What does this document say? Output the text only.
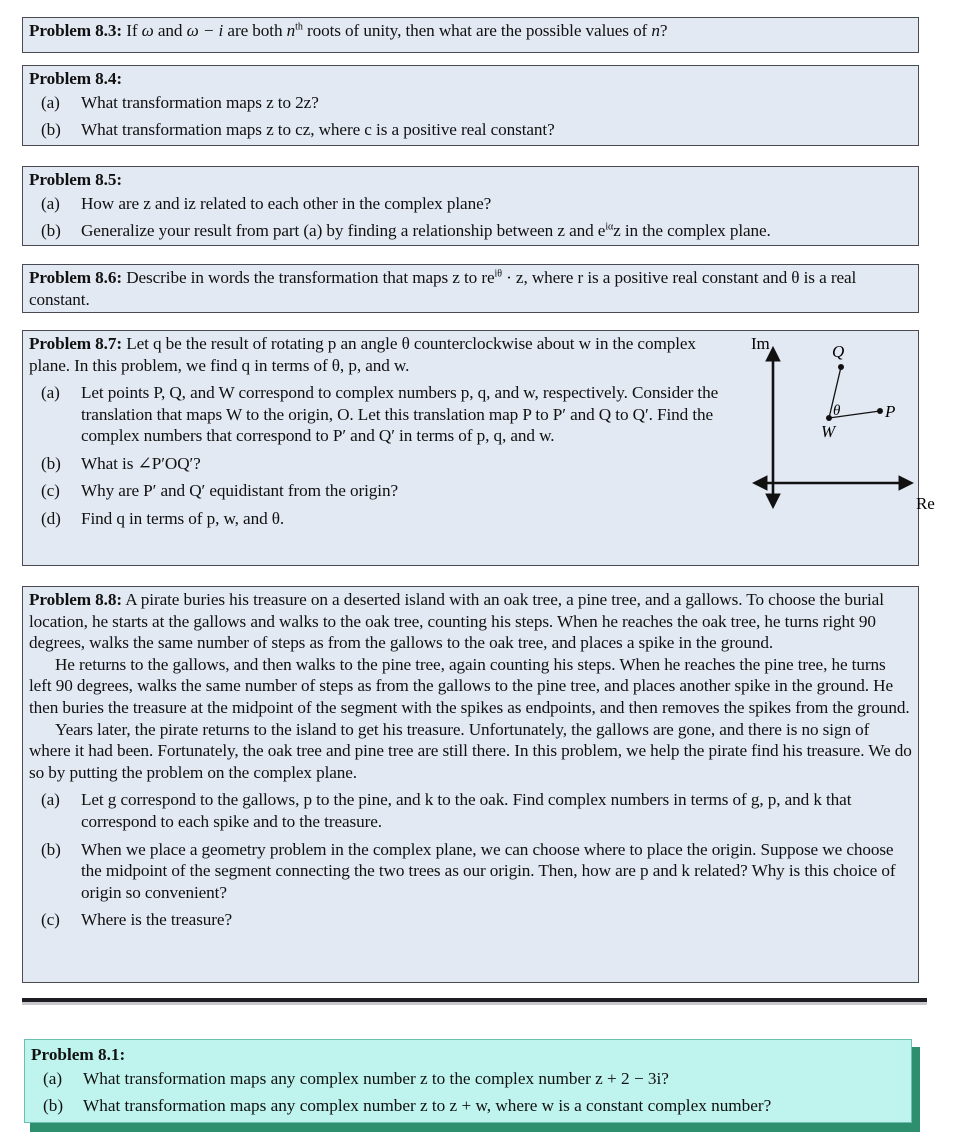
Problem 8.3: If ω and ω − i are both $n^{th}$ roots of unity, then what are the possible values of n?
Problem 8.4:
(a)	What transformation maps z to 2z?
(b)	What transformation maps z to cz, where c is a positive real constant?
Problem 8.5:
(a)	How are z and iz related to each other in the complex plane?
(b)	Generalize your result from part (a) by finding a relationship between z and $e^{i\alpha}z$ in the complex plane.
Problem 8.6: Describe in words the transformation that maps z to $re^{i\theta} \cdot z$, where r is a positive real constant and θ is a real constant.
Problem 8.7: Let q be the result of rotating p an angle θ counterclockwise about w in the complex plane. In this problem, we find q in terms of θ, p, and w.
(a)	Let points P, Q, and W correspond to complex numbers p, q, and w, respectively. Consider the translation that maps W to the origin, O. Let this translation map P to P′ and Q to Q′. Find the complex numbers that correspond to P′ and Q′ in terms of p, q, and w.
(b)	What is ∠P′OQ′?
(c)	Why are P′ and Q′ equidistant from the origin?
(d)	Find q in terms of p, w, and θ.
Im
Re
Q
P
W
θ
Problem 8.8: A pirate buries his treasure on a deserted island with an oak tree, a pine tree, and a gallows. To choose the burial location, he starts at the gallows and walks to the oak tree, counting his steps. When he reaches the oak tree, he turns right 90 degrees, walks the same number of steps as from the gallows to the oak tree, and places a spike in the ground.
He returns to the gallows, and then walks to the pine tree, again counting his steps. When he reaches the pine tree, he turns left 90 degrees, walks the same number of steps as from the gallows to the pine tree, and places another spike in the ground. He then buries the treasure at the midpoint of the segment with the spikes as endpoints, and then removes the spikes from the ground.
Years later, the pirate returns to the island to get his treasure. Unfortunately, the gallows are gone, and there is no sign of where it had been. Fortunately, the oak tree and pine tree are still there. In this problem, we help the pirate find his treasure. We do so by putting the problem on the complex plane.
(a)	Let g correspond to the gallows, p to the pine, and k to the oak. Find complex numbers in terms of g, p, and k that correspond to each spike and to the treasure.
(b)	When we place a geometry problem in the complex plane, we can choose where to place the origin. Suppose we choose the midpoint of the segment connecting the two trees as our origin. Then, how are p and k related? Why is this choice of origin so convenient?
(c)	Where is the treasure?
Problem 8.1:
(a)	What transformation maps any complex number z to the complex number z + 2 − 3i?
(b)	What transformation maps any complex number z to z + w, where w is a constant complex number?
